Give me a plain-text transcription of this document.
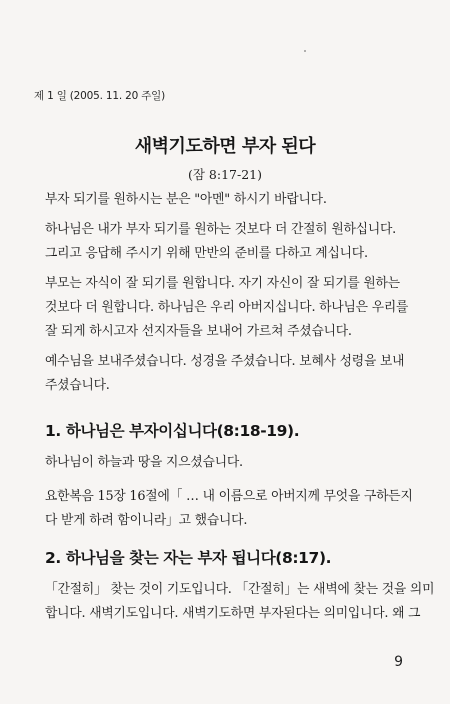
제 1 일 (2005. 11. 20 주일)
새벽기도하면 부자 된다
(잠 8:17-21)
부자 되기를 원하시는 분은 "아멘" 하시기 바랍니다.
하나님은 내가 부자 되기를 원하는 것보다 더 간절히 원하십니다.
그리고 응답해 주시기 위해 만반의 준비를 다하고 계십니다.
부모는 자식이 잘 되기를 원합니다. 자기 자신이 잘 되기를 원하는
것보다 더 원합니다. 하나님은 우리 아버지십니다. 하나님은 우리를
잘 되게 하시고자 선지자들을 보내어 가르쳐 주셨습니다.
예수님을 보내주셨습니다. 성경을 주셨습니다. 보혜사 성령을 보내
주셨습니다.
1. 하나님은 부자이십니다(8:18-19).
하나님이 하늘과 땅을 지으셨습니다.
요한복음 15장 16절에「 … 내 이름으로 아버지께 무엇을 구하든지
다 받게 하려 함이니라」고 했습니다.
2. 하나님을 찾는 자는 부자 됩니다(8:17).
「간절히」 찾는 것이 기도입니다. 「간절히」는 새벽에 찾는 것을 의미
합니다. 새벽기도입니다. 새벽기도하면 부자된다는 의미입니다. 왜 그
9
